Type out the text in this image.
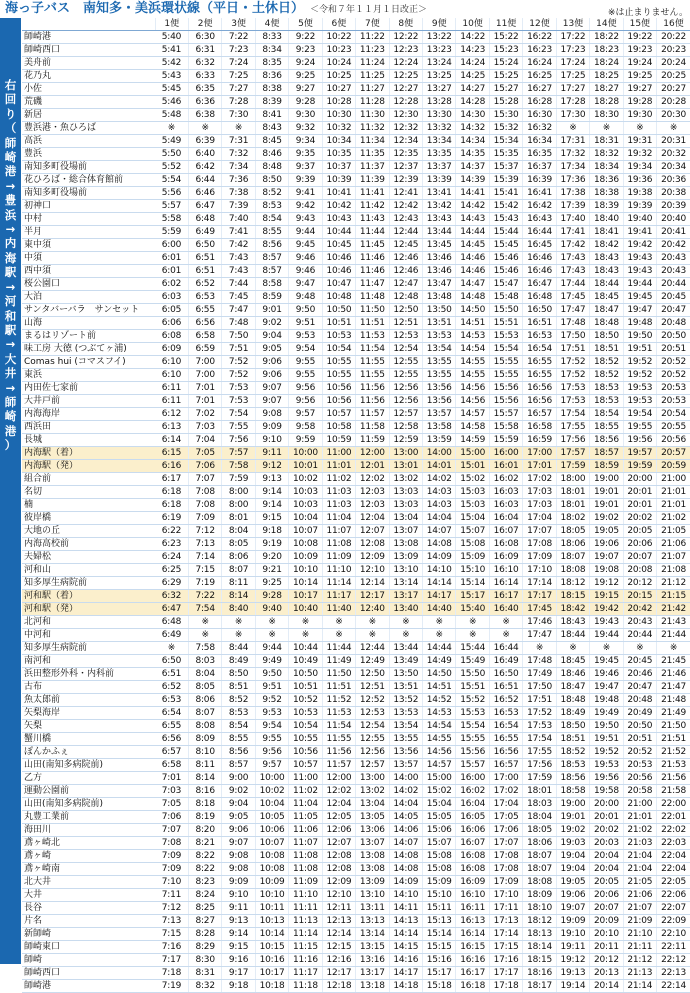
海っ子バス　南知多・美浜環状線（平日・土休日） ＜令和７年１１月１日改正＞	※は止まりません。
右
回
り
（
師
崎
港
→
豊
浜
→
内
海
駅
→
河
和
駅
→
大
井
→
師
崎
港
）
	1便	2便	3便	4便	5便	6便	7便	8便	9便	10便	11便	12便	13便	14便	15便	16便
師崎港	5:40	6:30	7:22	8:33	9:22	10:22	11:22	12:22	13:22	14:22	15:22	16:22	17:22	18:22	19:22	20:22
師崎西口	5:41	6:31	7:23	8:34	9:23	10:23	11:23	12:23	13:23	14:23	15:23	16:23	17:23	18:23	19:23	20:23
美舟前	5:42	6:32	7:24	8:35	9:24	10:24	11:24	12:24	13:24	14:24	15:24	16:24	17:24	18:24	19:24	20:24
花乃丸	5:43	6:33	7:25	8:36	9:25	10:25	11:25	12:25	13:25	14:25	15:25	16:25	17:25	18:25	19:25	20:25
小佐	5:45	6:35	7:27	8:38	9:27	10:27	11:27	12:27	13:27	14:27	15:27	16:27	17:27	18:27	19:27	20:27
荒磯	5:46	6:36	7:28	8:39	9:28	10:28	11:28	12:28	13:28	14:28	15:28	16:28	17:28	18:28	19:28	20:28
新居	5:48	6:38	7:30	8:41	9:30	10:30	11:30	12:30	13:30	14:30	15:30	16:30	17:30	18:30	19:30	20:30
豊浜港・魚ひろば	※	※	※	8:43	9:32	10:32	11:32	12:32	13:32	14:32	15:32	16:32	※	※	※	※
高浜	5:49	6:39	7:31	8:45	9:34	10:34	11:34	12:34	13:34	14:34	15:34	16:34	17:31	18:31	19:31	20:31
豊浜	5:50	6:40	7:32	8:46	9:35	10:35	11:35	12:35	13:35	14:35	15:35	16:35	17:32	18:32	19:32	20:32
南知多町役場前	5:52	6:42	7:34	8:48	9:37	10:37	11:37	12:37	13:37	14:37	15:37	16:37	17:34	18:34	19:34	20:34
花ひろば・総合体育館前	5:54	6:44	7:36	8:50	9:39	10:39	11:39	12:39	13:39	14:39	15:39	16:39	17:36	18:36	19:36	20:36
南知多町役場前	5:56	6:46	7:38	8:52	9:41	10:41	11:41	12:41	13:41	14:41	15:41	16:41	17:38	18:38	19:38	20:38
初神口	5:57	6:47	7:39	8:53	9:42	10:42	11:42	12:42	13:42	14:42	15:42	16:42	17:39	18:39	19:39	20:39
中村	5:58	6:48	7:40	8:54	9:43	10:43	11:43	12:43	13:43	14:43	15:43	16:43	17:40	18:40	19:40	20:40
半月	5:59	6:49	7:41	8:55	9:44	10:44	11:44	12:44	13:44	14:44	15:44	16:44	17:41	18:41	19:41	20:41
東中須	6:00	6:50	7:42	8:56	9:45	10:45	11:45	12:45	13:45	14:45	15:45	16:45	17:42	18:42	19:42	20:42
中須	6:01	6:51	7:43	8:57	9:46	10:46	11:46	12:46	13:46	14:46	15:46	16:46	17:43	18:43	19:43	20:43
西中須	6:01	6:51	7:43	8:57	9:46	10:46	11:46	12:46	13:46	14:46	15:46	16:46	17:43	18:43	19:43	20:43
桜公園口	6:02	6:52	7:44	8:58	9:47	10:47	11:47	12:47	13:47	14:47	15:47	16:47	17:44	18:44	19:44	20:44
大泊	6:03	6:53	7:45	8:59	9:48	10:48	11:48	12:48	13:48	14:48	15:48	16:48	17:45	18:45	19:45	20:45
サンタバーバラ　サンセット	6:05	6:55	7:47	9:01	9:50	10:50	11:50	12:50	13:50	14:50	15:50	16:50	17:47	18:47	19:47	20:47
山海	6:06	6:56	7:48	9:02	9:51	10:51	11:51	12:51	13:51	14:51	15:51	16:51	17:48	18:48	19:48	20:48
まるはリゾート前	6:08	6:58	7:50	9:04	9:53	10:53	11:53	12:53	13:53	14:53	15:53	16:53	17:50	18:50	19:50	20:50
味工房 大徳 (つぶてヶ浦)	6:09	6:59	7:51	9:05	9:54	10:54	11:54	12:54	13:54	14:54	15:54	16:54	17:51	18:51	19:51	20:51
Comas hui (コマスフイ)	6:10	7:00	7:52	9:06	9:55	10:55	11:55	12:55	13:55	14:55	15:55	16:55	17:52	18:52	19:52	20:52
東浜	6:10	7:00	7:52	9:06	9:55	10:55	11:55	12:55	13:55	14:55	15:55	16:55	17:52	18:52	19:52	20:52
内田佐七家前	6:11	7:01	7:53	9:07	9:56	10:56	11:56	12:56	13:56	14:56	15:56	16:56	17:53	18:53	19:53	20:53
大井戸前	6:11	7:01	7:53	9:07	9:56	10:56	11:56	12:56	13:56	14:56	15:56	16:56	17:53	18:53	19:53	20:53
内海海岸	6:12	7:02	7:54	9:08	9:57	10:57	11:57	12:57	13:57	14:57	15:57	16:57	17:54	18:54	19:54	20:54
西浜田	6:13	7:03	7:55	9:09	9:58	10:58	11:58	12:58	13:58	14:58	15:58	16:58	17:55	18:55	19:55	20:55
長城	6:14	7:04	7:56	9:10	9:59	10:59	11:59	12:59	13:59	14:59	15:59	16:59	17:56	18:56	19:56	20:56
内海駅（着）	6:15	7:05	7:57	9:11	10:00	11:00	12:00	13:00	14:00	15:00	16:00	17:00	17:57	18:57	19:57	20:57
内海駅（発）	6:16	7:06	7:58	9:12	10:01	11:01	12:01	13:01	14:01	15:01	16:01	17:01	17:59	18:59	19:59	20:59
組合前	6:17	7:07	7:59	9:13	10:02	11:02	12:02	13:02	14:02	15:02	16:02	17:02	18:00	19:00	20:00	21:00
名切	6:18	7:08	8:00	9:14	10:03	11:03	12:03	13:03	14:03	15:03	16:03	17:03	18:01	19:01	20:01	21:01
楠	6:18	7:08	8:00	9:14	10:03	11:03	12:03	13:03	14:03	15:03	16:03	17:03	18:01	19:01	20:01	21:01
彼岸橋	6:19	7:09	8:01	9:15	10:04	11:04	12:04	13:04	14:04	15:04	16:04	17:04	18:02	19:02	20:02	21:02
大地の丘	6:22	7:12	8:04	9:18	10:07	11:07	12:07	13:07	14:07	15:07	16:07	17:07	18:05	19:05	20:05	21:05
内海高校前	6:23	7:13	8:05	9:19	10:08	11:08	12:08	13:08	14:08	15:08	16:08	17:08	18:06	19:06	20:06	21:06
夫婦松	6:24	7:14	8:06	9:20	10:09	11:09	12:09	13:09	14:09	15:09	16:09	17:09	18:07	19:07	20:07	21:07
河和山	6:25	7:15	8:07	9:21	10:10	11:10	12:10	13:10	14:10	15:10	16:10	17:10	18:08	19:08	20:08	21:08
知多厚生病院前	6:29	7:19	8:11	9:25	10:14	11:14	12:14	13:14	14:14	15:14	16:14	17:14	18:12	19:12	20:12	21:12
河和駅（着）	6:32	7:22	8:14	9:28	10:17	11:17	12:17	13:17	14:17	15:17	16:17	17:17	18:15	19:15	20:15	21:15
河和駅（発）	6:47	7:54	8:40	9:40	10:40	11:40	12:40	13:40	14:40	15:40	16:40	17:45	18:42	19:42	20:42	21:42
北河和	6:48	※	※	※	※	※	※	※	※	※	※	17:46	18:43	19:43	20:43	21:43
中河和	6:49	※	※	※	※	※	※	※	※	※	※	17:47	18:44	19:44	20:44	21:44
知多厚生病院前	※	7:58	8:44	9:44	10:44	11:44	12:44	13:44	14:44	15:44	16:44	※	※	※	※	※
南河和	6:50	8:03	8:49	9:49	10:49	11:49	12:49	13:49	14:49	15:49	16:49	17:48	18:45	19:45	20:45	21:45
浜田整形外科・内科前	6:51	8:04	8:50	9:50	10:50	11:50	12:50	13:50	14:50	15:50	16:50	17:49	18:46	19:46	20:46	21:46
古布	6:52	8:05	8:51	9:51	10:51	11:51	12:51	13:51	14:51	15:51	16:51	17:50	18:47	19:47	20:47	21:47
魚太郎前	6:53	8:06	8:52	9:52	10:52	11:52	12:52	13:52	14:52	15:52	16:52	17:51	18:48	19:48	20:48	21:48
矢梨海岸	6:54	8:07	8:53	9:53	10:53	11:53	12:53	13:53	14:53	15:53	16:53	17:52	18:49	19:49	20:49	21:49
矢梨	6:55	8:08	8:54	9:54	10:54	11:54	12:54	13:54	14:54	15:54	16:54	17:53	18:50	19:50	20:50	21:50
蟹川橋	6:56	8:09	8:55	9:55	10:55	11:55	12:55	13:55	14:55	15:55	16:55	17:54	18:51	19:51	20:51	21:51
ぽんかふぇ	6:57	8:10	8:56	9:56	10:56	11:56	12:56	13:56	14:56	15:56	16:56	17:55	18:52	19:52	20:52	21:52
山田(南知多病院前)	6:58	8:11	8:57	9:57	10:57	11:57	12:57	13:57	14:57	15:57	16:57	17:56	18:53	19:53	20:53	21:53
乙方	7:01	8:14	9:00	10:00	11:00	12:00	13:00	14:00	15:00	16:00	17:00	17:59	18:56	19:56	20:56	21:56
運動公園前	7:03	8:16	9:02	10:02	11:02	12:02	13:02	14:02	15:02	16:02	17:02	18:01	18:58	19:58	20:58	21:58
山田(南知多病院前)	7:05	8:18	9:04	10:04	11:04	12:04	13:04	14:04	15:04	16:04	17:04	18:03	19:00	20:00	21:00	22:00
丸豊工業前	7:06	8:19	9:05	10:05	11:05	12:05	13:05	14:05	15:05	16:05	17:05	18:04	19:01	20:01	21:01	22:01
海田川	7:07	8:20	9:06	10:06	11:06	12:06	13:06	14:06	15:06	16:06	17:06	18:05	19:02	20:02	21:02	22:02
鳶ヶ崎北	7:08	8:21	9:07	10:07	11:07	12:07	13:07	14:07	15:07	16:07	17:07	18:06	19:03	20:03	21:03	22:03
鳶ヶ崎	7:09	8:22	9:08	10:08	11:08	12:08	13:08	14:08	15:08	16:08	17:08	18:07	19:04	20:04	21:04	22:04
鳶ヶ崎南	7:09	8:22	9:08	10:08	11:08	12:08	13:08	14:08	15:08	16:08	17:08	18:07	19:04	20:04	21:04	22:04
北大井	7:10	8:23	9:09	10:09	11:09	12:09	13:09	14:09	15:09	16:09	17:09	18:08	19:05	20:05	21:05	22:05
大井	7:11	8:24	9:10	10:10	11:10	12:10	13:10	14:10	15:10	16:10	17:10	18:09	19:06	20:06	21:06	22:06
長谷	7:12	8:25	9:11	10:11	11:11	12:11	13:11	14:11	15:11	16:11	17:11	18:10	19:07	20:07	21:07	22:07
片名	7:13	8:27	9:13	10:13	11:13	12:13	13:13	14:13	15:13	16:13	17:13	18:12	19:09	20:09	21:09	22:09
新師崎	7:15	8:28	9:14	10:14	11:14	12:14	13:14	14:14	15:14	16:14	17:14	18:13	19:10	20:10	21:10	22:10
師崎東口	7:16	8:29	9:15	10:15	11:15	12:15	13:15	14:15	15:15	16:15	17:15	18:14	19:11	20:11	21:11	22:11
師崎	7:17	8:30	9:16	10:16	11:16	12:16	13:16	14:16	15:16	16:16	17:16	18:15	19:12	20:12	21:12	22:12
師崎西口	7:18	8:31	9:17	10:17	11:17	12:17	13:17	14:17	15:17	16:17	17:17	18:16	19:13	20:13	21:13	22:13
師崎港	7:19	8:32	9:18	10:18	11:18	12:18	13:18	14:18	15:18	16:18	17:18	18:17	19:14	20:14	21:14	22:14
